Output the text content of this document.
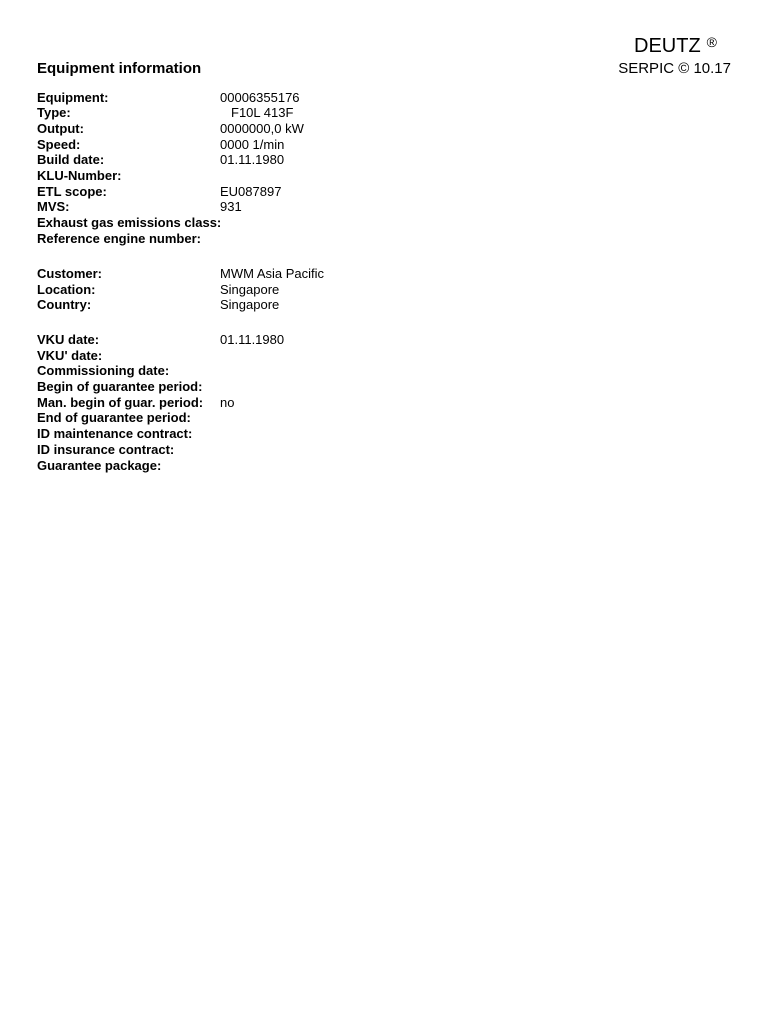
DEUTZ ®
SERPIC © 10.17
Equipment information
Equipment:	00006355176
Type:	F10L 413F
Output:	0000000,0 kW
Speed:	0000 1/min
Build date:	01.11.1980
KLU-Number:
ETL scope:	EU087897
MVS:	931
Exhaust gas emissions class:
Reference engine number:
Customer:	MWM Asia Pacific
Location:	Singapore
Country:	Singapore
VKU date:	01.11.1980
VKU' date:
Commissioning date:
Begin of guarantee period:
Man. begin of guar. period:	no
End of guarantee period:
ID maintenance contract:
ID insurance contract:
Guarantee package:
